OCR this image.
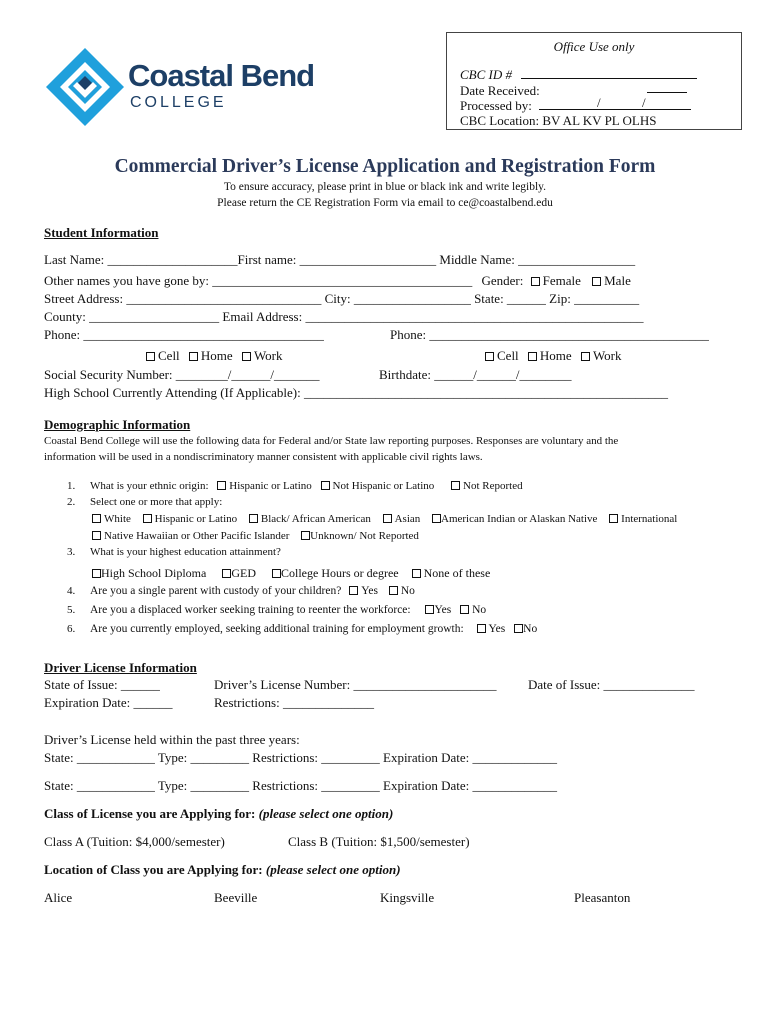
Coastal Bend
COLLEGE
Office Use only
CBC ID #
Date Received:
/	/
Processed by:
CBC Location: BV AL KV PL OLHS
Commercial Driver’s License Application and Registration Form
To ensure accuracy, please print in blue or black ink and write legibly.
Please return the CE Registration Form via email to ce@coastalbend.edu
Student Information
Last Name: ____________________First name: _____________________ Middle Name: __________________
Other names you have gone by: ________________________________________ Gender: Female Male
Street Address: ______________________________ City: __________________ State: ______ Zip: __________
County: ____________________ Email Address: ____________________________________________________
Phone: _____________________________________	Phone: ___________________________________________
Cell Home Work	Cell Home Work
Social Security Number: ________/______/_______	Birthdate: ______/______/________
High School Currently Attending (If Applicable): ________________________________________________________
Demographic Information
Coastal Bend College will use the following data for Federal and/or State law reporting purposes. Responses are voluntary and the
information will be used in a nondiscriminatory manner consistent with applicable civil rights laws.
1. What is your ethnic origin: Hispanic or Latino Not Hispanic or Latino	Not Reported
2. Select one or more that apply:
White Hispanic or Latino Black/ African American Asian American Indian or Alaskan Native International
Native Hawaiian or Other Pacific Islander Unknown/ Not Reported
3. What is your highest education attainment?
High School Diploma GED College Hours or degree None of these
4. Are you a single parent with custody of your children? Yes No
5. Are you a displaced worker seeking training to reenter the workforce: Yes No
6. Are you currently employed, seeking additional training for employment growth: Yes No
Driver License Information
State of Issue: ______	Driver’s License Number: ______________________ Date of Issue: ______________
Expiration Date: ______	Restrictions: ______________
Driver’s License held within the past three years:
State: ____________ Type: _________ Restrictions: _________ Expiration Date: _____________
State: ____________ Type: _________ Restrictions: _________ Expiration Date: _____________
Class of License you are Applying for: (please select one option)
Class A (Tuition: $4,000/semester)	Class B (Tuition: $1,500/semester)
Location of Class you are Applying for: (please select one option)
Alice	Beeville	Kingsville	Pleasanton
